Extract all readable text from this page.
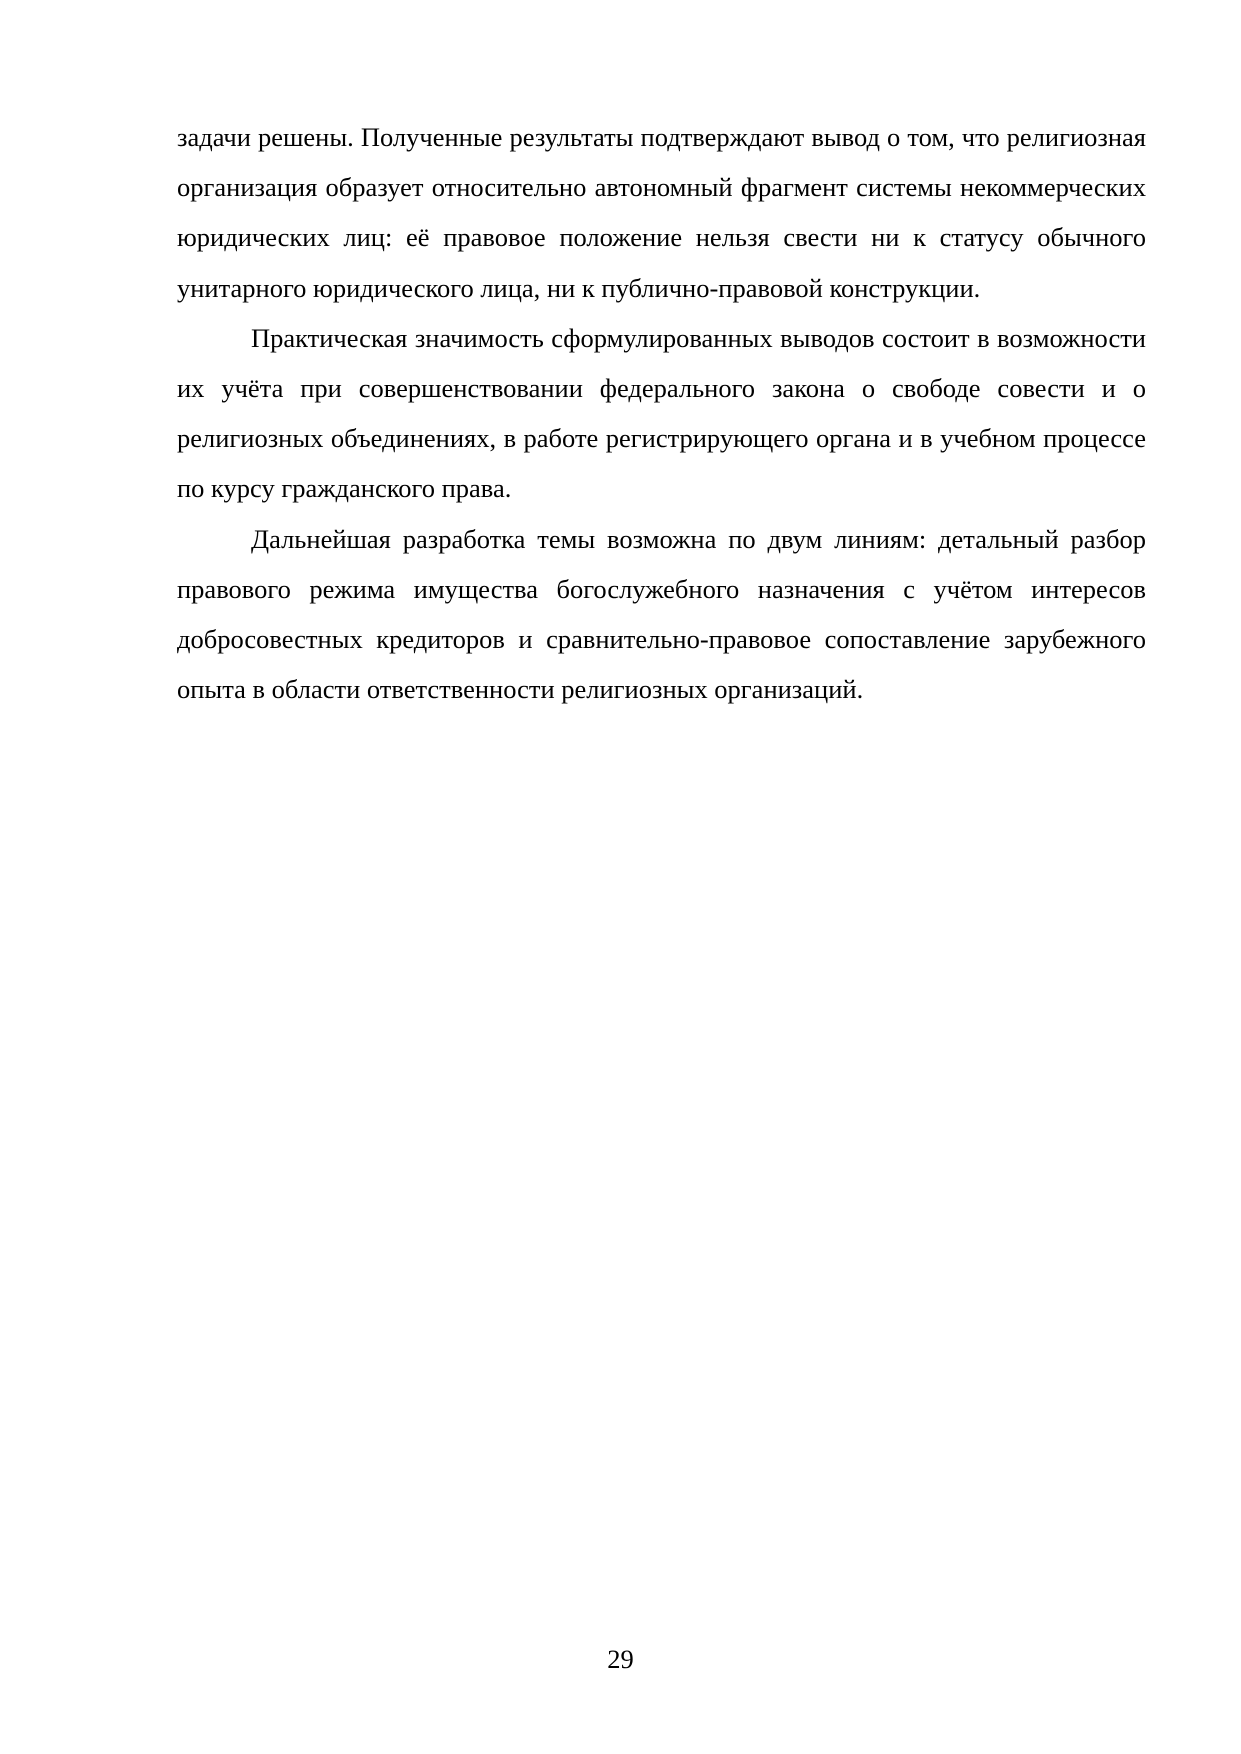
задачи решены. Полученные результаты подтверждают вывод о том, что религиозная организация образует относительно автономный фрагмент системы некоммерческих юридических лиц: её правовое положение нельзя свести ни к статусу обычного унитарного юридического лица, ни к публично-правовой конструкции.

Практическая значимость сформулированных выводов состоит в возможности их учёта при совершенствовании федерального закона о свободе совести и о религиозных объединениях, в работе регистрирующего органа и в учебном процессе по курсу гражданского права.

Дальнейшая разработка темы возможна по двум линиям: детальный разбор правового режима имущества богослужебного назначения с учётом интересов добросовестных кредиторов и сравнительно-правовое сопоставление зарубежного опыта в области ответственности религиозных организаций.

29
